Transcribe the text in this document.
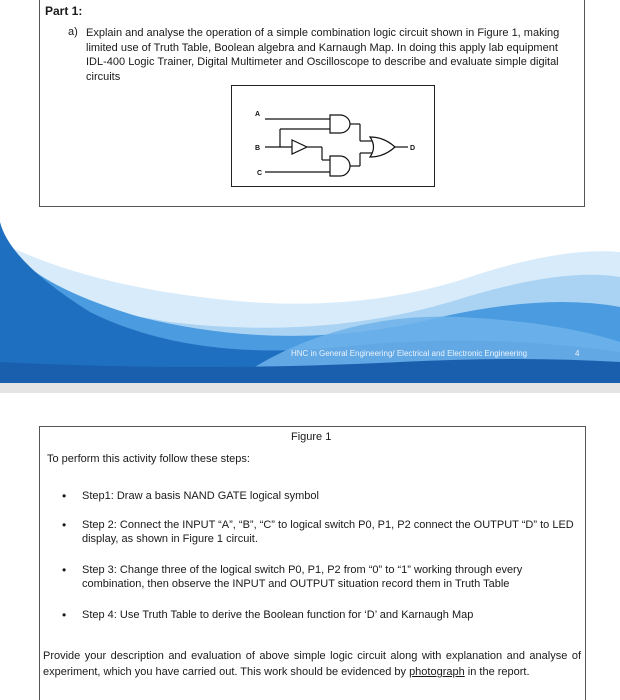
Part 1:
a) Explain and analyse the operation of a simple combination logic circuit shown in Figure 1, making limited use of Truth Table, Boolean algebra and Karnaugh Map. In doing this apply lab equipment IDL-400 Logic Trainer, Digital Multimeter and Oscilloscope to describe and evaluate simple digital circuits
A
B
C
D
HNC in General Engineering/ Electrical and Electronic Engineering	4
Figure 1
To perform this activity follow these steps:
• Step1: Draw a basis NAND GATE logical symbol
• Step 2: Connect the INPUT “A”, “B”, “C” to logical switch P0, P1, P2 connect the OUTPUT “D” to LED display, as shown in Figure 1 circuit.
• Step 3: Change three of the logical switch P0, P1, P2 from “0” to “1” working through every combination, then observe the INPUT and OUTPUT situation record them in Truth Table
• Step 4: Use Truth Table to derive the Boolean function for ‘D’ and Karnaugh Map
Provide your description and evaluation of above simple logic circuit along with explanation and analyse of experiment, which you have carried out. This work should be evidenced by photograph in the report.
